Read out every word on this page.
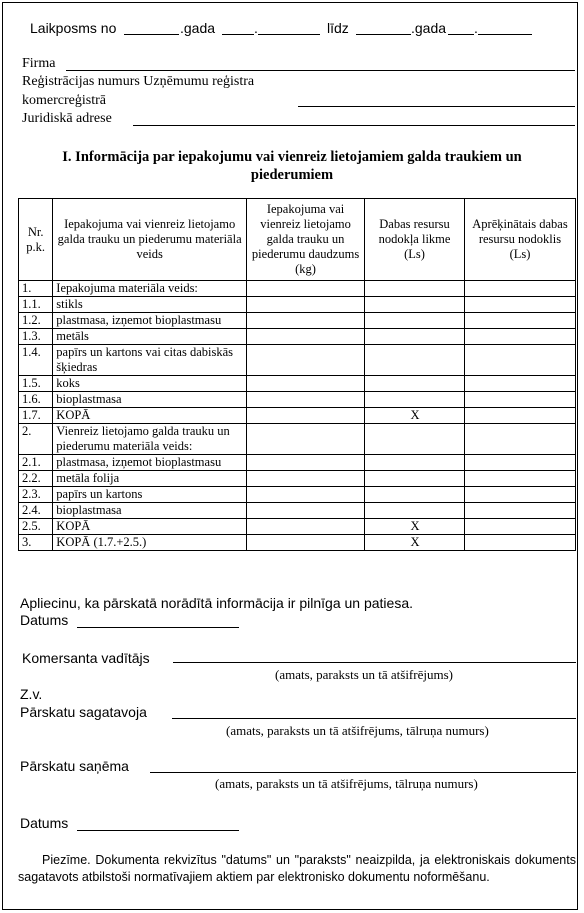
Laikposms no	.gada	.	līdz	.gada .
Firma
Reģistrācijas numurs Uzņēmumu reģistra
komercreģistrā
Juridiskā adrese
I. Informācija par iepakojumu vai vienreiz lietojamiem galda traukiem un
piederumiem
Nr. p.k.	Iepakojuma vai vienreiz lietojamo galda trauku un piederumu materiāla veids	Iepakojuma vai vienreiz lietojamo galda trauku un piederumu daudzums (kg)	Dabas resursu nodokļa likme (Ls)	Aprēķinātais dabas resursu nodoklis (Ls)
1.	Iepakojuma materiāla veids:			
1.1.	stikls			
1.2.	plastmasa, izņemot bioplastmasu			
1.3.	metāls			
1.4.	papīrs un kartons vai citas dabiskās šķiedras			
1.5.	koks			
1.6.	bioplastmasa			
1.7.	KOPĀ		X	
2.	Vienreiz lietojamo galda trauku un piederumu materiāla veids:			
2.1.	plastmasa, izņemot bioplastmasu			
2.2.	metāla folija			
2.3.	papīrs un kartons			
2.4.	bioplastmasa			
2.5.	KOPĀ		X	
3.	KOPĀ (1.7.+2.5.)		X	
Apliecinu, ka pārskatā norādītā informācija ir pilnīga un patiesa.
Datums
Komersanta vadītājs
(amats, paraksts un tā atšifrējums)
Z.v.
Pārskatu sagatavoja
(amats, paraksts un tā atšifrējums, tālruņa numurs)
Pārskatu saņēma
(amats, paraksts un tā atšifrējums, tālruņa numurs)
Datums
Piezīme. Dokumenta rekvizītus "datums" un "paraksts" neaizpilda, ja elektroniskais dokuments sagatavots atbilstoši normatīvajiem aktiem par elektronisko dokumentu noformēšanu.
